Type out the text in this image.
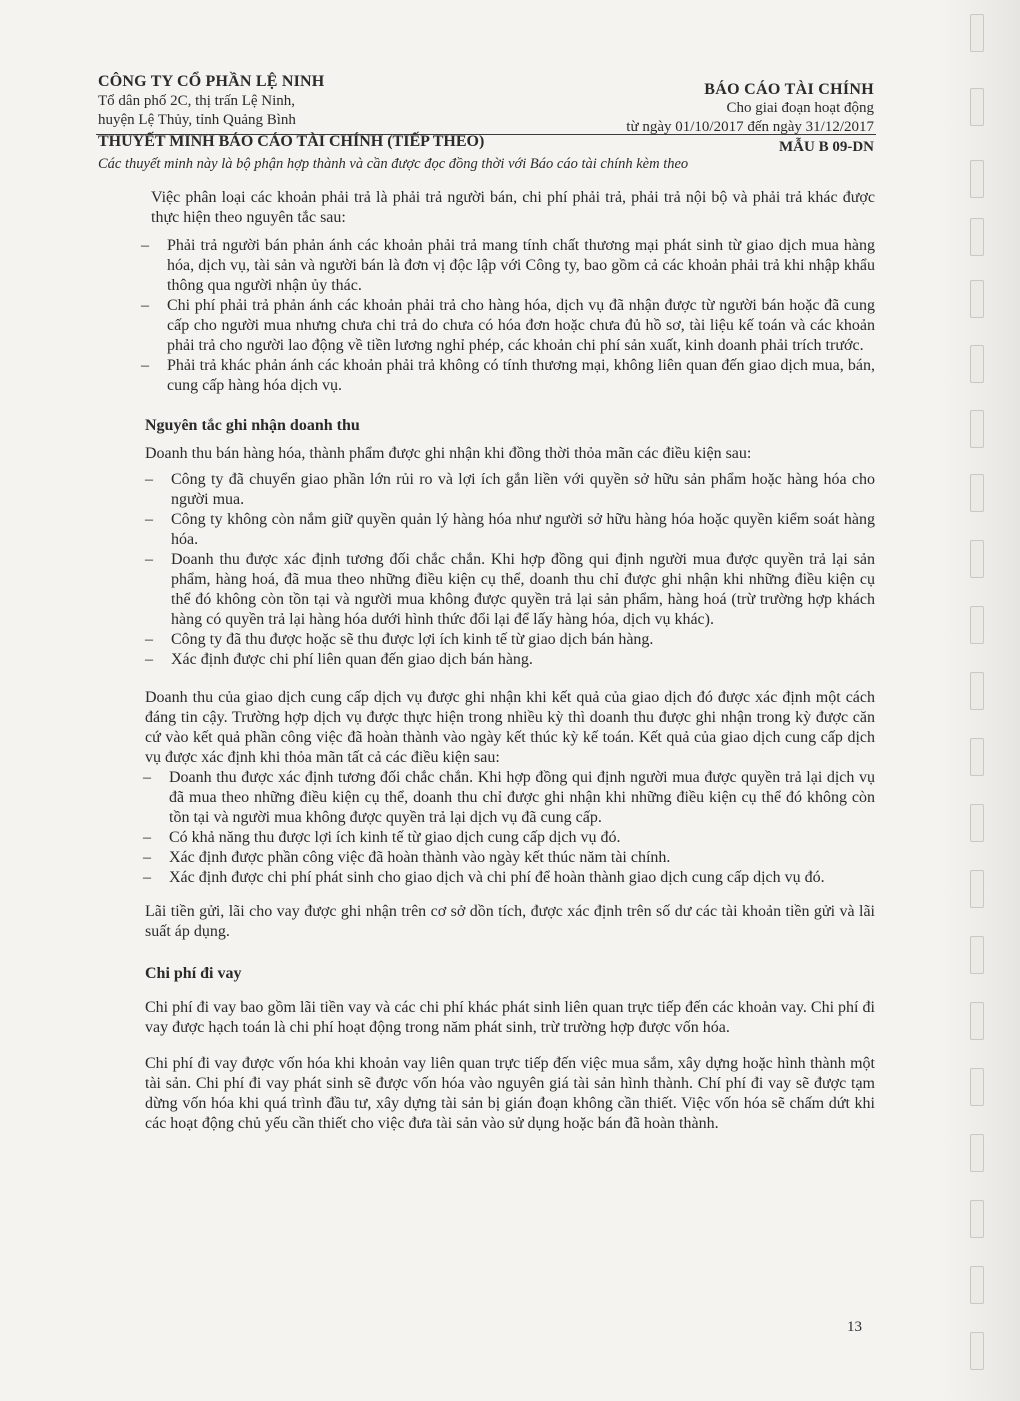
CÔNG TY CỔ PHẦN LỆ NINH
Tổ dân phố 2C, thị trấn Lệ Ninh,
huyện Lệ Thủy, tỉnh Quảng Bình
BÁO CÁO TÀI CHÍNH
Cho giai đoạn hoạt động
từ ngày 01/10/2017 đến ngày 31/12/2017
THUYẾT MINH BÁO CÁO TÀI CHÍNH (TIẾP THEO)	MẪU B 09-DN
Các thuyết minh này là bộ phận hợp thành và cần được đọc đồng thời với Báo cáo tài chính kèm theo

Việc phân loại các khoản phải trả là phải trả người bán, chi phí phải trả, phải trả nội bộ và phải trả khác được thực hiện theo nguyên tắc sau:

– Phải trả người bán phản ánh các khoản phải trả mang tính chất thương mại phát sinh từ giao dịch mua hàng hóa, dịch vụ, tài sản và người bán là đơn vị độc lập với Công ty, bao gồm cả các khoản phải trả khi nhập khẩu thông qua người nhận ủy thác.
– Chi phí phải trả phản ánh các khoản phải trả cho hàng hóa, dịch vụ đã nhận được từ người bán hoặc đã cung cấp cho người mua nhưng chưa chi trả do chưa có hóa đơn hoặc chưa đủ hồ sơ, tài liệu kế toán và các khoản phải trả cho người lao động về tiền lương nghỉ phép, các khoản chi phí sản xuất, kinh doanh phải trích trước.
– Phải trả khác phản ánh các khoản phải trả không có tính thương mại, không liên quan đến giao dịch mua, bán, cung cấp hàng hóa dịch vụ.

Nguyên tắc ghi nhận doanh thu

Doanh thu bán hàng hóa, thành phẩm được ghi nhận khi đồng thời thỏa mãn các điều kiện sau:

– Công ty đã chuyển giao phần lớn rủi ro và lợi ích gắn liền với quyền sở hữu sản phẩm hoặc hàng hóa cho người mua.
– Công ty không còn nắm giữ quyền quản lý hàng hóa như người sở hữu hàng hóa hoặc quyền kiểm soát hàng hóa.
– Doanh thu được xác định tương đối chắc chắn. Khi hợp đồng qui định người mua được quyền trả lại sản phẩm, hàng hoá, đã mua theo những điều kiện cụ thể, doanh thu chỉ được ghi nhận khi những điều kiện cụ thể đó không còn tồn tại và người mua không được quyền trả lại sản phẩm, hàng hoá (trừ trường hợp khách hàng có quyền trả lại hàng hóa dưới hình thức đổi lại để lấy hàng hóa, dịch vụ khác).
– Công ty đã thu được hoặc sẽ thu được lợi ích kinh tế từ giao dịch bán hàng.
– Xác định được chi phí liên quan đến giao dịch bán hàng.

Doanh thu của giao dịch cung cấp dịch vụ được ghi nhận khi kết quả của giao dịch đó được xác định một cách đáng tin cậy. Trường hợp dịch vụ được thực hiện trong nhiều kỳ thì doanh thu được ghi nhận trong kỳ được căn cứ vào kết quả phần công việc đã hoàn thành vào ngày kết thúc kỳ kế toán. Kết quả của giao dịch cung cấp dịch vụ được xác định khi thỏa mãn tất cả các điều kiện sau:

– Doanh thu được xác định tương đối chắc chắn. Khi hợp đồng qui định người mua được quyền trả lại dịch vụ đã mua theo những điều kiện cụ thể, doanh thu chỉ được ghi nhận khi những điều kiện cụ thể đó không còn tồn tại và người mua không được quyền trả lại dịch vụ đã cung cấp.
– Có khả năng thu được lợi ích kinh tế từ giao dịch cung cấp dịch vụ đó.
– Xác định được phần công việc đã hoàn thành vào ngày kết thúc năm tài chính.
– Xác định được chi phí phát sinh cho giao dịch và chi phí để hoàn thành giao dịch cung cấp dịch vụ đó.

Lãi tiền gửi, lãi cho vay được ghi nhận trên cơ sở dồn tích, được xác định trên số dư các tài khoản tiền gửi và lãi suất áp dụng.

Chi phí đi vay

Chi phí đi vay bao gồm lãi tiền vay và các chi phí khác phát sinh liên quan trực tiếp đến các khoản vay. Chi phí đi vay được hạch toán là chi phí hoạt động trong năm phát sinh, trừ trường hợp được vốn hóa.

Chi phí đi vay được vốn hóa khi khoản vay liên quan trực tiếp đến việc mua sắm, xây dựng hoặc hình thành một tài sản. Chi phí đi vay phát sinh sẽ được vốn hóa vào nguyên giá tài sản hình thành. Chí phí đi vay sẽ được tạm dừng vốn hóa khi quá trình đầu tư, xây dựng tài sản bị gián đoạn không cần thiết. Việc vốn hóa sẽ chấm dứt khi các hoạt động chủ yếu cần thiết cho việc đưa tài sản vào sử dụng hoặc bán đã hoàn thành.

13
